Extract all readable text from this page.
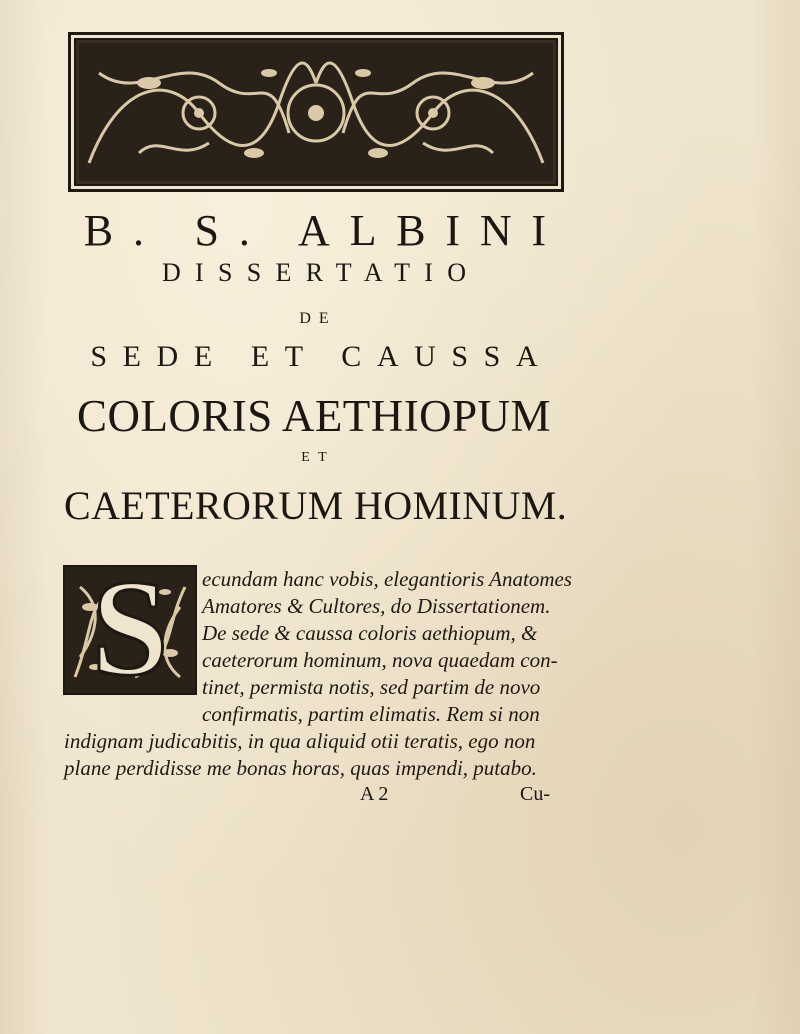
B. S. ALBINI
DISSERTATIO
DE
SEDE ET CAUSSA
COLORIS AETHIOPUM
ET
CAETERORUM HOMINUM.
S	ecundam hanc vobis, elegantioris Anatomes
Amatores & Cultores, do Dissertationem.
De sede & caussa coloris aethiopum, &
caeterorum hominum, nova quaedam con-
tinet, permista notis, sed partim de novo
confirmatis, partim elimatis. Rem si non
indignam judicabitis, in qua aliquid otii teratis, ego non
plane perdidisse me bonas horas, quas impendi, putabo.
A 2	Cu-
